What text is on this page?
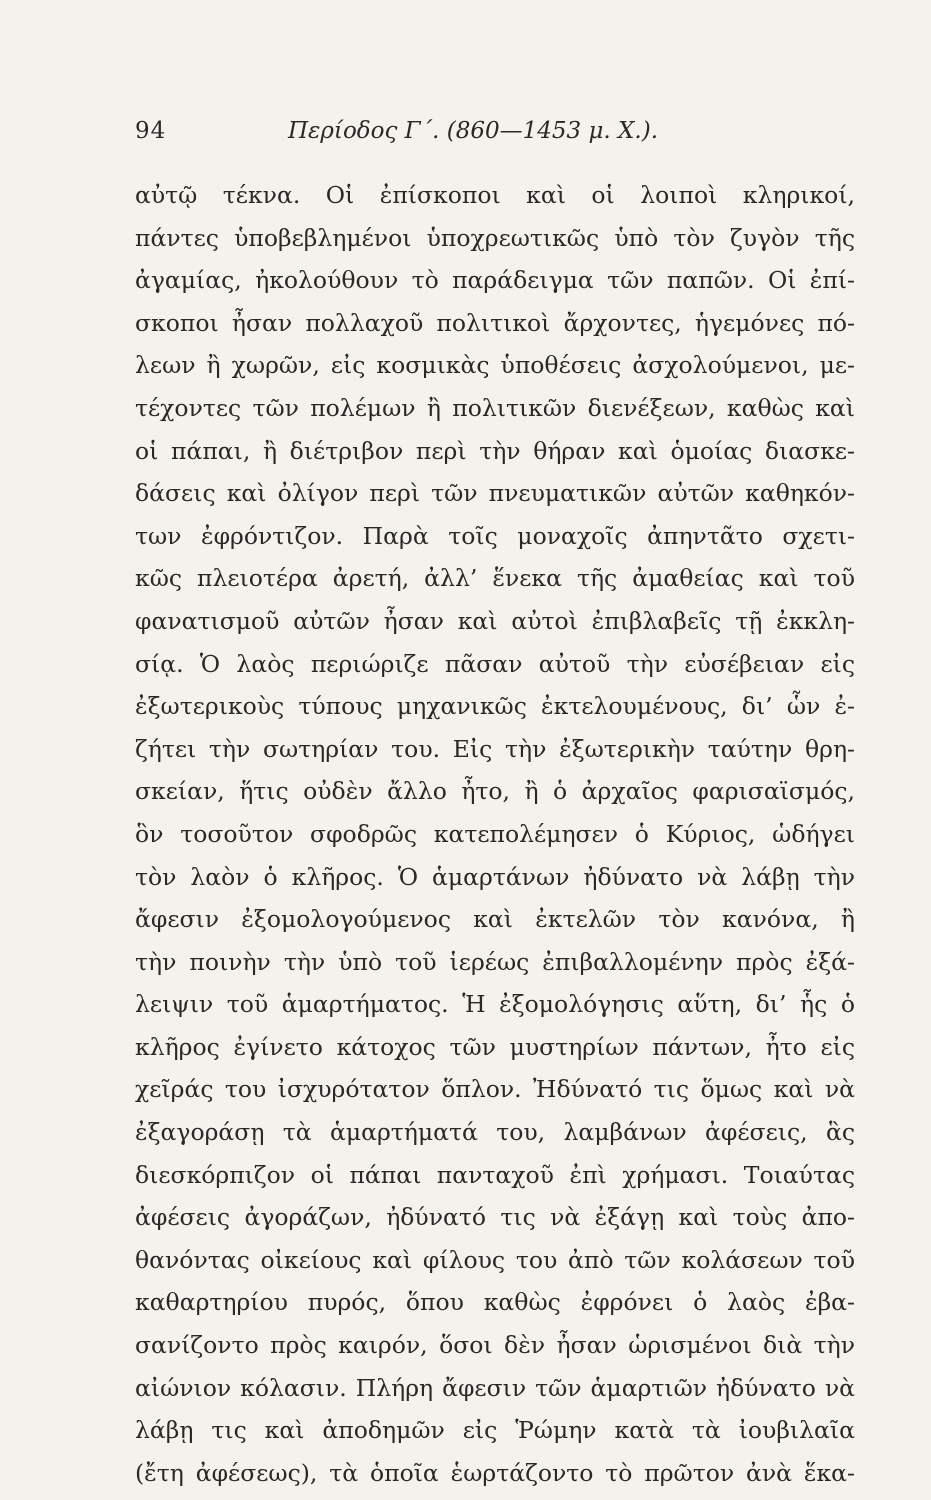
94	Περίοδος Γ΄. (860—1453 μ. Χ.).
αὐτῷ τέκνα. Οἱ ἐπίσκοποι καὶ οἱ λοιποὶ κληρικοί,
πάντες ὑποβεβλημένοι ὑποχρεωτικῶς ὑπὸ τὸν ζυγὸν τῆς
ἀγαμίας, ἠκολούθουν τὸ παράδειγμα τῶν παπῶν. Οἱ ἐπί-
σκοποι ἦσαν πολλαχοῦ πολιτικοὶ ἄρχοντες, ἡγεμόνες πό-
λεων ἢ χωρῶν, εἰς κοσμικὰς ὑποθέσεις ἀσχολούμενοι, με-
τέχοντες τῶν πολέμων ἢ πολιτικῶν διενέξεων, καθὼς καὶ
οἱ πάπαι, ἢ διέτριβον περὶ τὴν θήραν καὶ ὁμοίας διασκε-
δάσεις καὶ ὀλίγον περὶ τῶν πνευματικῶν αὐτῶν καθηκόν-
των ἐφρόντιζον. Παρὰ τοῖς μοναχοῖς ἀπηντᾶτο σχετι-
κῶς πλειοτέρα ἀρετή, ἀλλ’ ἕνεκα τῆς ἀμαθείας καὶ τοῦ
φανατισμοῦ αὐτῶν ἦσαν καὶ αὐτοὶ ἐπιβλαβεῖς τῇ ἐκκλη-
σίᾳ. Ὁ λαὸς περιώριζε πᾶσαν αὐτοῦ τὴν εὐσέβειαν εἰς
ἐξωτερικοὺς τύπους μηχανικῶς ἐκτελουμένους, δι’ ὧν ἐ-
ζήτει τὴν σωτηρίαν του. Εἰς τὴν ἐξωτερικὴν ταύτην θρη-
σκείαν, ἥτις οὐδὲν ἄλλο ἦτο, ἢ ὁ ἀρχαῖος φαρισαϊσμός,
ὃν τοσοῦτον σφοδρῶς κατεπολέμησεν ὁ Κύριος, ὡδήγει
τὸν λαὸν ὁ κλῆρος. Ὁ ἁμαρτάνων ἠδύνατο νὰ λάβῃ τὴν
ἄφεσιν ἐξομολογούμενος καὶ ἐκτελῶν τὸν κανόνα, ἢ
τὴν ποινὴν τὴν ὑπὸ τοῦ ἱερέως ἐπιβαλλομένην πρὸς ἐξά-
λειψιν τοῦ ἁμαρτήματος. Ἡ ἐξομολόγησις αὕτη, δι’ ἧς ὁ
κλῆρος ἐγίνετο κάτοχος τῶν μυστηρίων πάντων, ἦτο εἰς
χεῖράς του ἰσχυρότατον ὅπλον. Ἠδύνατό τις ὅμως καὶ νὰ
ἐξαγοράσῃ τὰ ἁμαρτήματά του, λαμβάνων ἀφέσεις, ἃς
διεσκόρπιζον οἱ πάπαι πανταχοῦ ἐπὶ χρήμασι. Τοιαύτας
ἀφέσεις ἀγοράζων, ἠδύνατό τις νὰ ἐξάγῃ καὶ τοὺς ἀπο-
θανόντας οἰκείους καὶ φίλους του ἀπὸ τῶν κολάσεων τοῦ
καθαρτηρίου πυρός, ὅπου καθὼς ἐφρόνει ὁ λαὸς ἐβα-
σανίζοντο πρὸς καιρόν, ὅσοι δὲν ἦσαν ὡρισμένοι διὰ τὴν
αἰώνιον κόλασιν. Πλήρη ἄφεσιν τῶν ἁμαρτιῶν ἠδύνατο νὰ
λάβῃ τις καὶ ἀποδημῶν εἰς Ῥώμην κατὰ τὰ ἰουβιλαῖα
(ἔτη ἀφέσεως), τὰ ὁποῖα ἑωρτάζοντο τὸ πρῶτον ἀνὰ ἕκα-
